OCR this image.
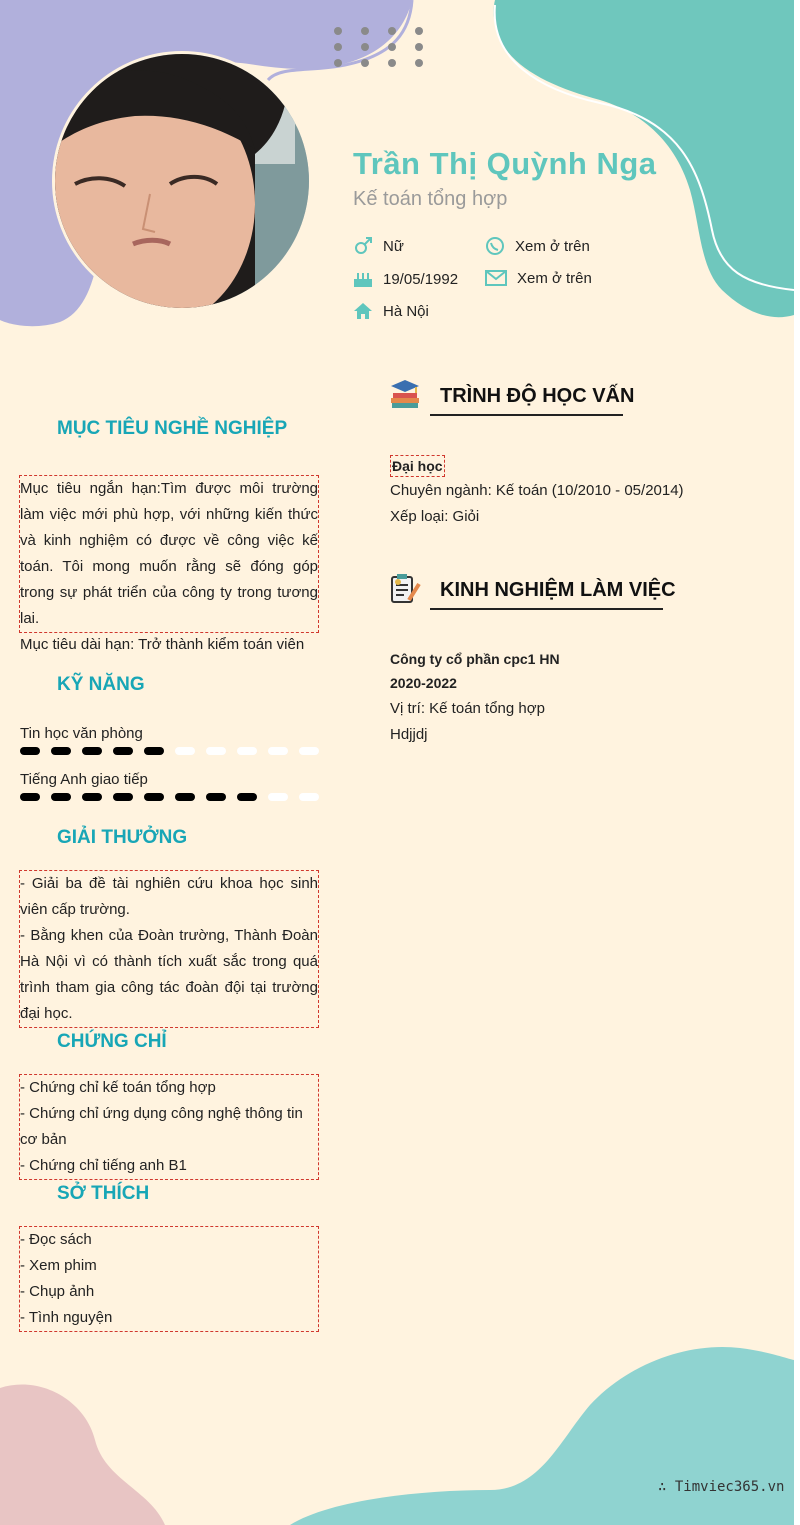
Trần Thị Quỳnh Nga
Kế toán tổng hợp
Nữ	Xem ở trên
19/05/1992	Xem ở trên
Hà Nội
MỤC TIÊU NGHỀ NGHIỆP

Mục tiêu ngắn hạn:Tìm được môi trường làm việc mới phù hợp, với những kiến thức và kinh nghiệm có được về công việc kế toán. Tôi mong muốn rằng sẽ đóng góp trong sự phát triển của công ty trong tương lai.

Mục tiêu dài hạn: Trở thành kiểm toán viên

KỸ NĂNG
Tin học văn phòng
Tiếng Anh giao tiếp
GIẢI THƯỞNG

- Giải ba đề tài nghiên cứu khoa học sinh viên cấp trường.

- Bằng khen của Đoàn trường, Thành Đoàn Hà Nội vì có thành tích xuất sắc trong quá trình tham gia công tác đoàn đội tại trường đại học.

CHỨNG CHỈ

- Chứng chỉ kế toán tổng hợp

- Chứng chỉ ứng dụng công nghệ thông tin cơ bản

- Chứng chỉ tiếng anh B1

SỞ THÍCH

- Đọc sách

- Xem phim

- Chụp ảnh

- Tình nguyện

TRÌNH ĐỘ HỌC VẤN
Đại học
Chuyên ngành: Kế toán (10/2010 - 05/2014)
Xếp loại: Giỏi
KINH NGHIỆM LÀM VIỆC
Công ty cổ phần cpc1 HN
2020-2022
Vị trí: Kế toán tổng hợp
Hdjjdj
∴ Timviec365.vn
